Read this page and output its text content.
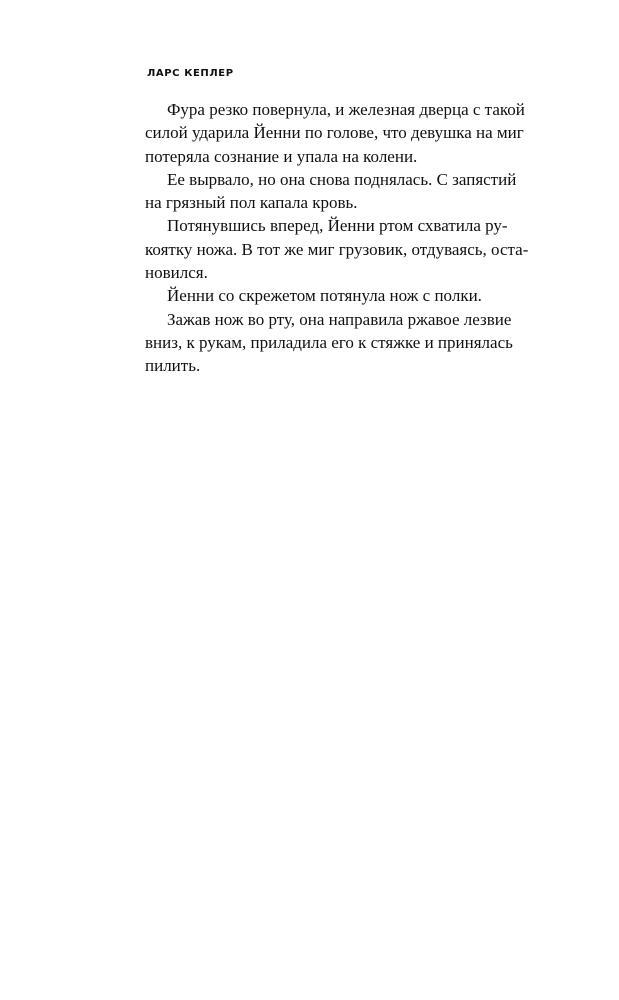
ЛАРС КЕПЛЕР
Фура резко повернула, и железная дверца с такой
силой ударила Йенни по голове, что девушка на миг
потеряла сознание и упала на колени.
Ее вырвало, но она снова поднялась. С запястий
на грязный пол капала кровь.
Потянувшись вперед, Йенни ртом схватила ру-
коятку ножа. В тот же миг грузовик, отдуваясь, оста-
новился.
Йенни со скрежетом потянула нож с полки.
Зажав нож во рту, она направила ржавое лезвие
вниз, к рукам, приладила его к стяжке и принялась
пилить.
